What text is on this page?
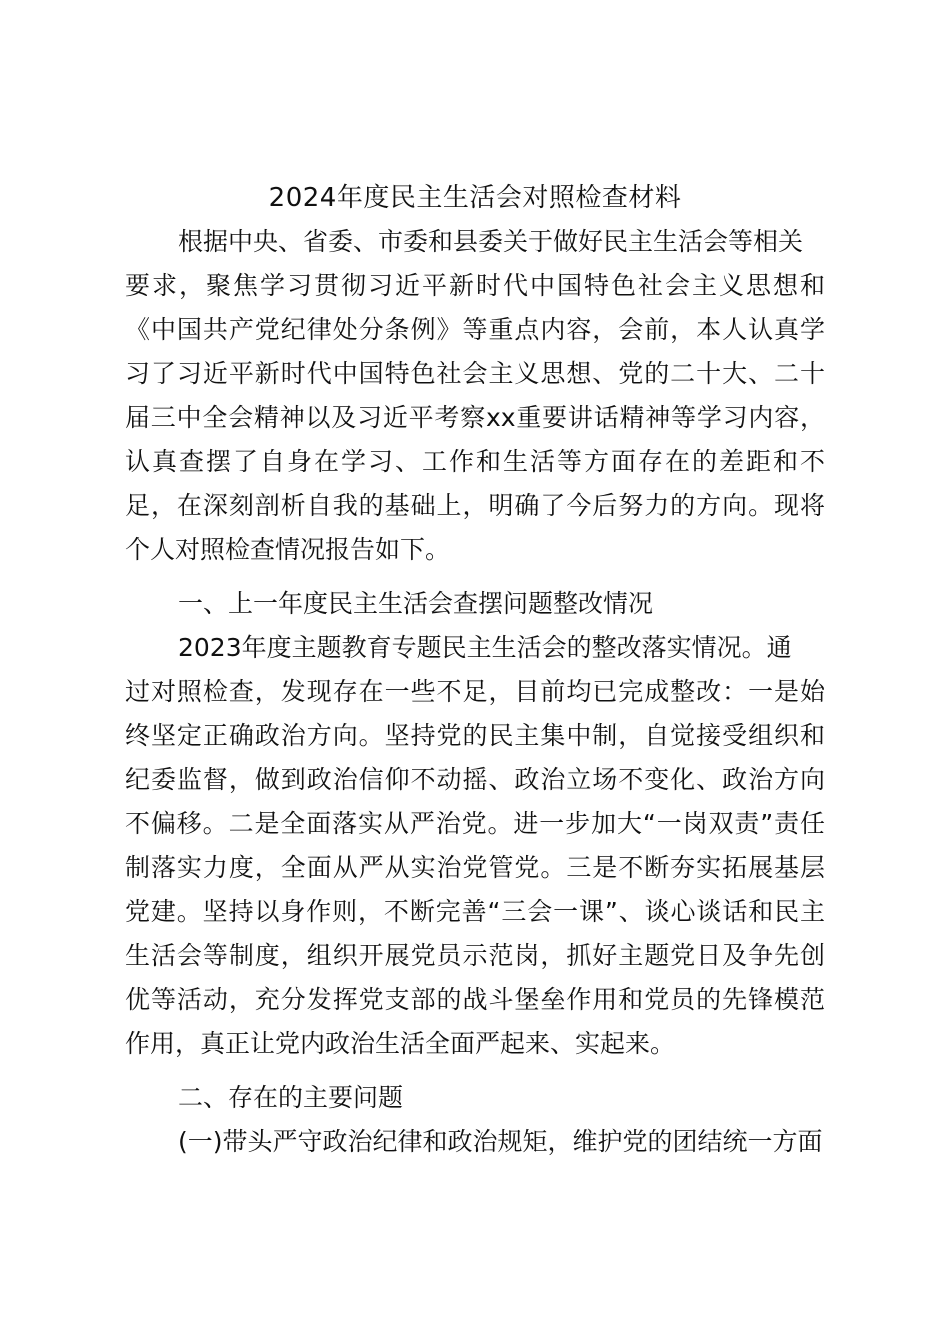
2024年度民主生活会对照检查材料
根据中央、省委、市委和县委关于做好民主生活会等相关
要求，聚焦学习贯彻习近平新时代中国特色社会主义思想和
《中国共产党纪律处分条例》等重点内容，会前，本人认真学
习了习近平新时代中国特色社会主义思想、党的二十大、二十
届三中全会精神以及习近平考察xx重要讲话精神等学习内容，
认真查摆了自身在学习、工作和生活等方面存在的差距和不
足，在深刻剖析自我的基础上，明确了今后努力的方向。现将
个人对照检查情况报告如下。
一、上一年度民主生活会查摆问题整改情况
2023年度主题教育专题民主生活会的整改落实情况。通
过对照检查，发现存在一些不足，目前均已完成整改：一是始
终坚定正确政治方向。坚持党的民主集中制，自觉接受组织和
纪委监督，做到政治信仰不动摇、政治立场不变化、政治方向
不偏移。二是全面落实从严治党。进一步加大“一岗双责”责任
制落实力度，全面从严从实治党管党。三是不断夯实拓展基层
党建。坚持以身作则，不断完善“三会一课”、谈心谈话和民主
生活会等制度，组织开展党员示范岗，抓好主题党日及争先创
优等活动，充分发挥党支部的战斗堡垒作用和党员的先锋模范
作用，真正让党内政治生活全面严起来、实起来。
二、存在的主要问题
(一)带头严守政治纪律和政治规矩，维护党的团结统一方面
